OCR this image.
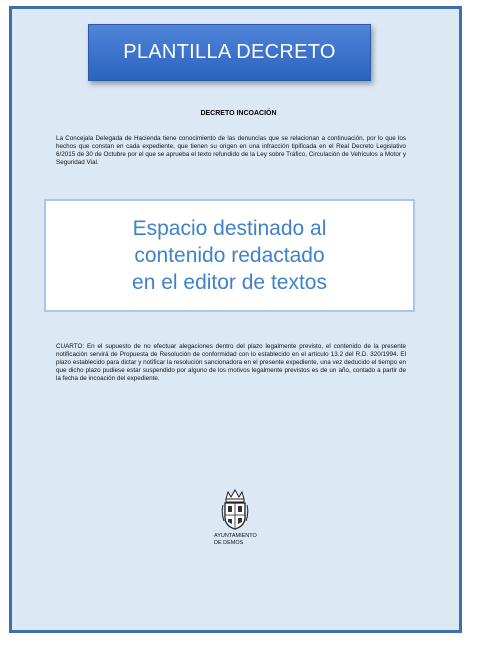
PLANTILLA DECRETO
DECRETO INCOACIÓN
La Concejala Delegada de Hacienda tiene conocimiento de las denuncias que se relacionan a continuación, por lo que los hechos que constan en cada expediente, que tienen su origen en una infracción tipificada en el Real Decreto Legislativo 6/2015 de 30 de Octubre por el que se aprueba el texto refundido de la Ley sobre Tráfico, Circulación de Vehículos a Motor y Seguridad Vial.
Espacio destinado al
contenido redactado
en el editor de textos
CUARTO: En el supuesto de no efectuar alegaciones dentro del plazo legalmente previsto, el contenido de la presente notificación servirá de Propuesta de Resolución de conformidad con lo establecido en el artículo 13.2 del R.D. 320/1994. El plazo establecido para dictar y notificar la resolución sancionadora en el presente expediente, una vez deducido el tiempo en que dicho plazo pudiese estar suspendido por alguno de los motivos legalmente previstos es de un año, contado a partir de la fecha de incoación del expediente.
AYUNTAMIENTO
DE DEMOS
